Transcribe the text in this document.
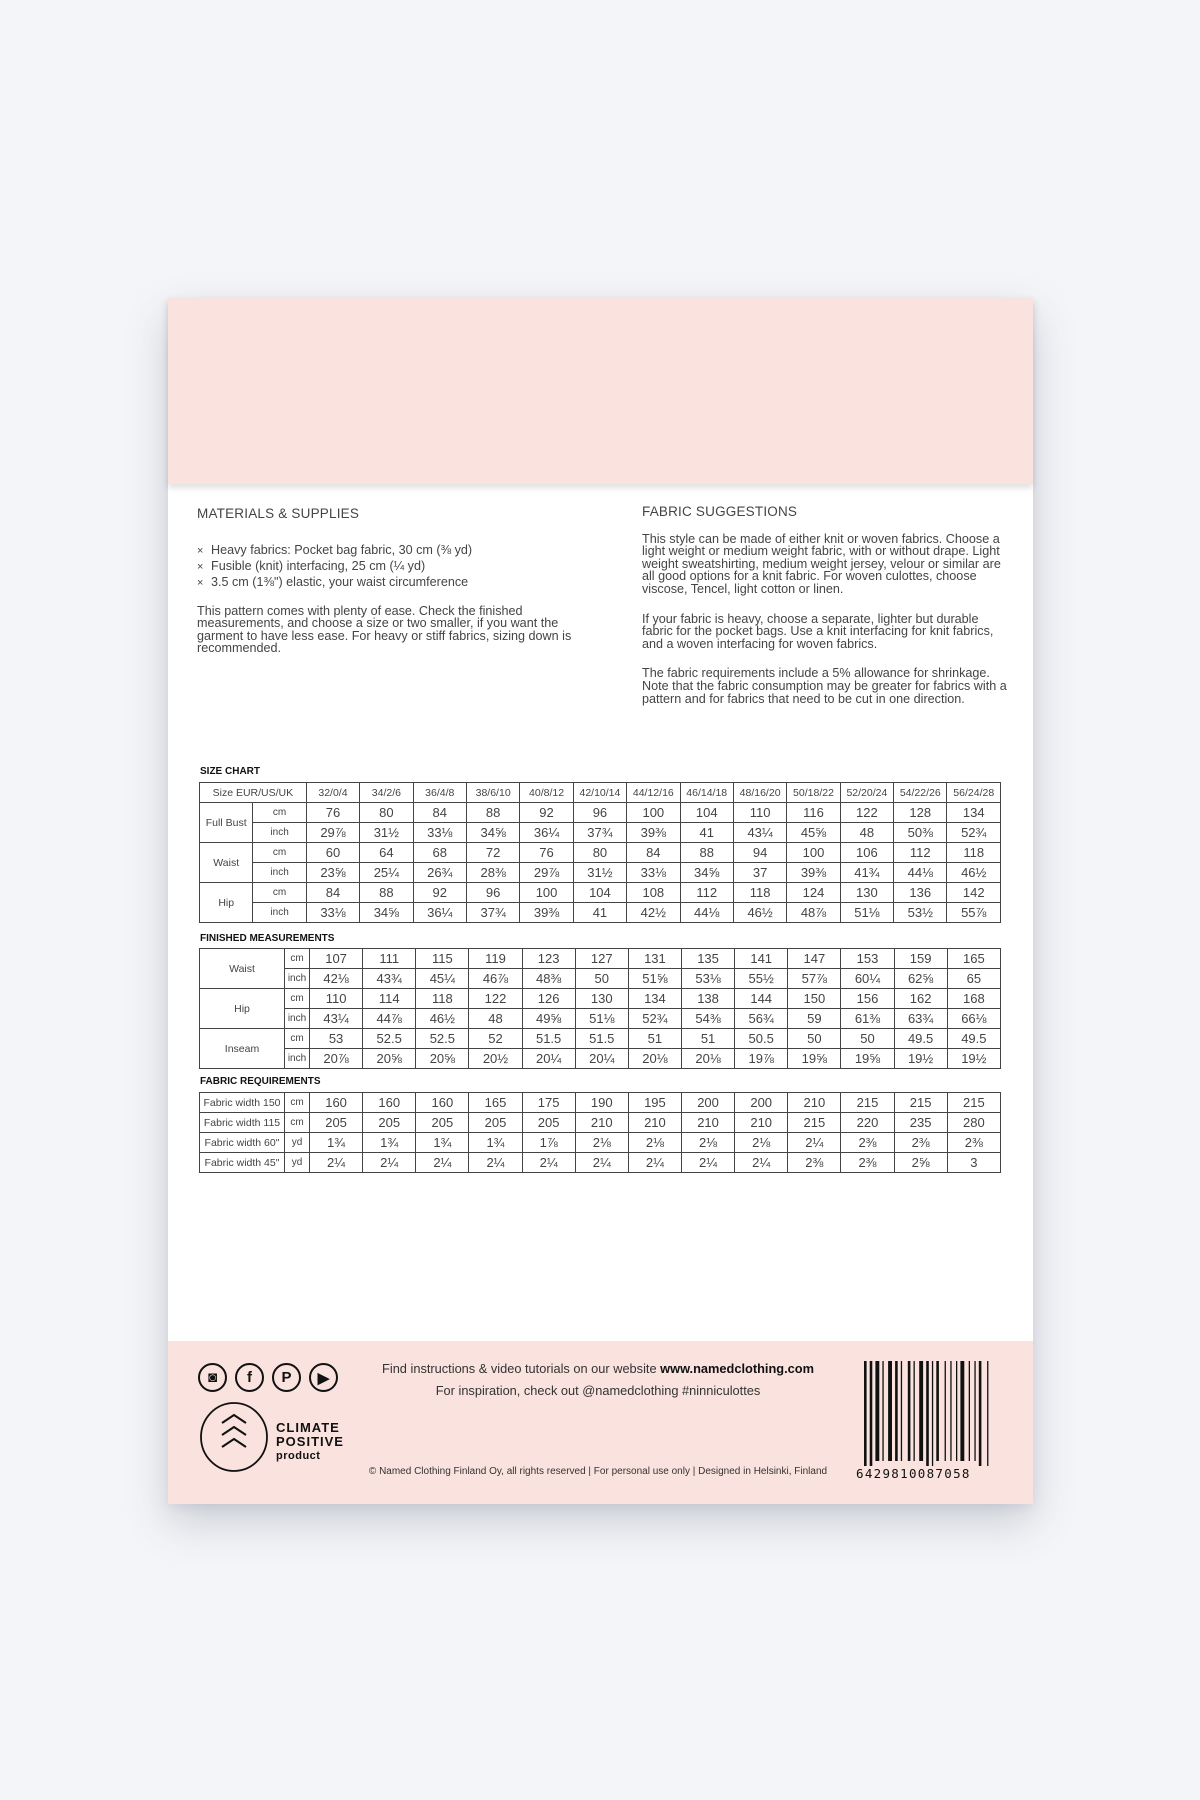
MATERIALS & SUPPLIES
× Heavy fabrics: Pocket bag fabric, 30 cm (⅜ yd)
× Fusible (knit) interfacing, 25 cm (¼ yd)
× 3.5 cm (1⅜") elastic, your waist circumference

This pattern comes with plenty of ease. Check the finished measurements, and choose a size or two smaller, if you want the garment to have less ease. For heavy or stiff fabrics, sizing down is recommended.

FABRIC SUGGESTIONS

This style can be made of either knit or woven fabrics. Choose a light weight or medium weight fabric, with or without drape. Light weight sweatshirting, medium weight jersey, velour or similar are all good options for a knit fabric. For woven culottes, choose viscose, Tencel, light cotton or linen.

If your fabric is heavy, choose a separate, lighter but durable fabric for the pocket bags. Use a knit interfacing for knit fabrics, and a woven interfacing for woven fabrics.

The fabric requirements include a 5% allowance for shrinkage. Note that the fabric consumption may be greater for fabrics with a pattern and for fabrics that need to be cut in one direction.

◙	f	P	▶
Find instructions & video tutorials on our website www.namedclothing.com
For inspiration, check out @namedclothing #ninniculottes
CLIMATE
POSITIVE
product
© Named Clothing Finland Oy, all rights reserved | For personal use only | Designed in Helsinki, Finland	6429810087058
SIZE CHART
Size EUR/US/UK		32/0/4	34/2/6	36/4/8	38/6/10	40/8/12	42/10/14	44/12/16	46/14/18	48/16/20	50/18/22	52/20/24	54/22/26	56/24/28
Full Bust	cm	76	80	84	88	92	96	100	104	110	116	122	128	134
	inch	29⅞	31½	33⅛	34⅝	36¼	37¾	39⅜	41	43¼	45⅝	48	50⅜	52¾
Waist	cm	60	64	68	72	76	80	84	88	94	100	106	112	118
	inch	23⅝	25¼	26¾	28⅜	29⅞	31½	33⅛	34⅝	37	39⅜	41¾	44⅛	46½
Hip	cm	84	88	92	96	100	104	108	112	118	124	130	136	142
	inch	33⅛	34⅝	36¼	37¾	39⅜	41	42½	44⅛	46½	48⅞	51⅛	53½	55⅞
FINISHED MEASUREMENTS
Waist	cm	107	111	115	119	123	127	131	135	141	147	153	159	165
	inch	42⅛	43¾	45¼	46⅞	48⅜	50	51⅝	53⅛	55½	57⅞	60¼	62⅝	65
Hip	cm	110	114	118	122	126	130	134	138	144	150	156	162	168
	inch	43¼	44⅞	46½	48	49⅝	51⅛	52¾	54⅜	56¾	59	61⅜	63¾	66⅛
Inseam	cm	53	52.5	52.5	52	51.5	51.5	51	51	50.5	50	50	49.5	49.5
	inch	20⅞	20⅝	20⅝	20½	20¼	20¼	20⅛	20⅛	19⅞	19⅝	19⅝	19½	19½
FABRIC REQUIREMENTS
Fabric width 150	cm	160	160	160	165	175	190	195	200	200	210	215	215	215
Fabric width 115	cm	205	205	205	205	205	210	210	210	210	215	220	235	280
Fabric width 60"	yd	1¾	1¾	1¾	1¾	1⅞	2⅛	2⅛	2⅛	2⅛	2¼	2⅜	2⅜	2⅜
Fabric width 45"	yd	2¼	2¼	2¼	2¼	2¼	2¼	2¼	2¼	2¼	2⅜	2⅜	2⅝	3
